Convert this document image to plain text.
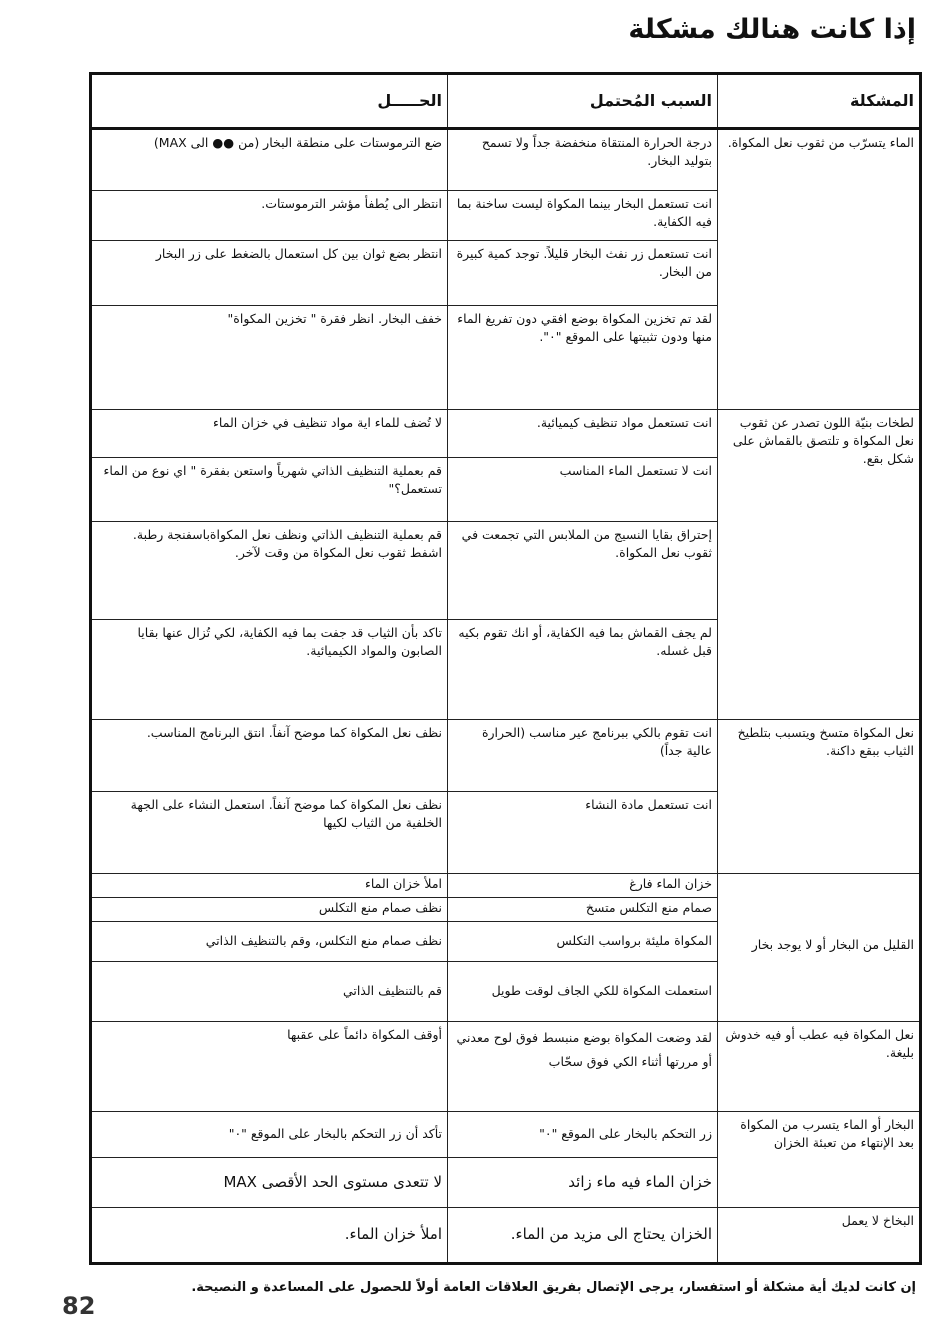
إذا كانت هنالك مشكلة
المشكلة	السبب المُحتمل	الحـــــل
الماء يتسرّب من ثقوب نعل المكواة.	درجة الحرارة المنتقاة منخفضة جداً ولا تسمح بتوليد البخار.	ضع الترموستات على منطقة البخار (من ●● الى MAX)
	انت تستعمل البخار بينما المكواة ليست ساخنة بما فيه الكفاية.	انتظر الى يُطفأ مؤشر الترموستات.
	انت تستعمل زر نفث البخار قليلاً. توجد كمية كبيرة من البخار.	انتظر بضع ثوان بين كل استعمال بالضغط على زر البخار
	لقد تم تخزين المكواة بوضع افقي دون تفريغ الماء منها ودون تثبيتها على الموقع "٠".	خفف البخار. انظر فقرة " تخزين المكواة"
لطخات بنيّة اللون تصدر عن ثقوب نعل المكواة و تلتصق بالقماش على شكل بقع.	انت تستعمل مواد تنظيف كيميائية.	لا تُضف للماء اية مواد تنظيف في خزان الماء
	انت لا تستعمل الماء المناسب	قم بعملية التنظيف الذاتي شهرياً واستعن بفقرة " اي نوع من الماء تستعمل؟"
	إحتراق بقايا النسيج من الملابس التي تجمعت في ثقوب نعل المكواة.	قم بعملية التنظيف الذاتي ونظف نعل المكواةباسفنجة رطبة. اشفط ثقوب نعل المكواة من وقت لآخر.
	لم يجف القماش بما فيه الكفاية، أو انك تقوم بكيه قبل غسله.	تاكد بأن الثياب قد جفت بما فيه الكفاية، لكي تُزال عنها بقايا الصابون والمواد الكيميائية.
نعل المكواة متسخ ويتسبب بتلطيخ الثياب ببقع داكنة.	انت تقوم بالكي ببرنامج عير مناسب (الحرارة عالية جداً)	نظف نعل المكواة كما موضح آنفاً. انتق البرنامج المناسب.
	انت تستعمل مادة النشاء	نظف نعل المكواة كما موضح آنفاً. استعمل النشاء على الجهة الخلفية من الثياب لكيها
القليل من البخار أو لا يوجد بخار	خزان الماء فارغ	املأ خزان الماء
	صمام منع التكلس متسخ	نظف صمام منع التكلس
	المكواة مليئة برواسب التكلس	نظف صمام منع التكلس، وقم بالتنظيف الذاتي
	استعملت المكواة للكي الجاف لوقت طويل	قم بالتنظيف الذاتي
نعل المكواة فيه عطب أو فيه خدوش بليغة.	لقد وضعت المكواة بوضع منبسط فوق لوح معدني أو مررتها أثناء الكي فوق سحّاب	أوقف المكواة دائماً على عقبها
البخار أو الماء يتسرب من المكواة بعد الإنتهاء من تعبئة الخزان	زر التحكم بالبخار على الموقع "٠"	تأكد أن زر التحكم بالبخار على الموقع "٠"
	خزان الماء فيه ماء زائد	لا تتعدى مستوى الحد الأقصى MAX
البخاخ لا يعمل	الخزان يحتاج الى مزيد من الماء.	املأ خزان الماء.
إن كانت لديك أية مشكلة أو استفسار، يرجى الإتصال بفريق العلاقات العامة أولاً للحصول على المساعدة و النصيحة.
82
